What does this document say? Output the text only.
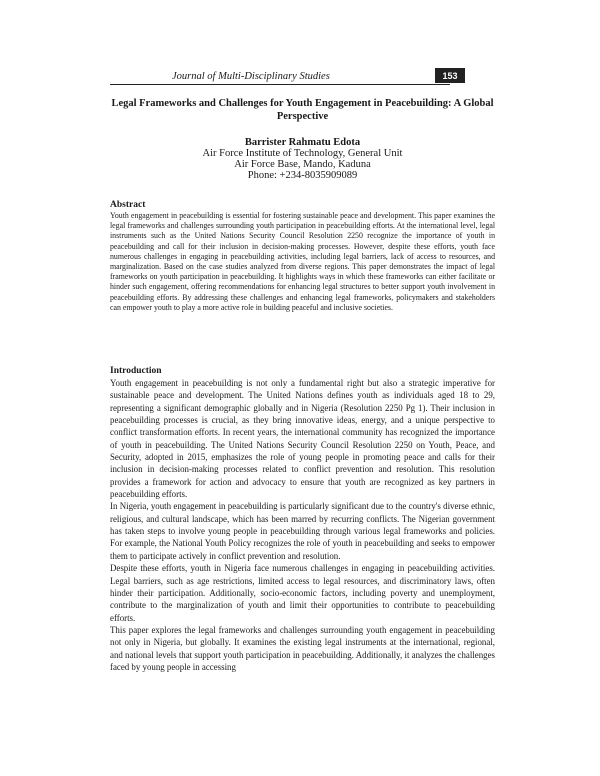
Journal of Multi-Disciplinary Studies	153
Legal Frameworks and Challenges for Youth Engagement in Peacebuilding: A Global Perspective
Barrister Rahmatu Edota
Air Force Institute of Technology, General Unit
Air Force Base, Mando, Kaduna
Phone: +234-8035909089
Abstract

Youth engagement in peacebuilding is essential for fostering sustainable peace and development. This paper examines the legal frameworks and challenges surrounding youth participation in peacebuilding efforts. At the international level, legal instruments such as the United Nations Security Council Resolution 2250 recognize the importance of youth in peacebuilding and call for their inclusion in decision-making processes. However, despite these efforts, youth face numerous challenges in engaging in peacebuilding activities, including legal barriers, lack of access to resources, and marginalization. Based on the case studies analyzed from diverse regions. This paper demonstrates the impact of legal frameworks on youth participation in peacebuilding. It highlights ways in which these frameworks can either facilitate or hinder such engagement, offering recommendations for enhancing legal structures to better support youth involvement in peacebuilding efforts. By addressing these challenges and enhancing legal frameworks, policymakers and stakeholders can empower youth to play a more active role in building peaceful and inclusive societies.

Introduction

Youth engagement in peacebuilding is not only a fundamental right but also a strategic imperative for sustainable peace and development. The United Nations defines youth as individuals aged 18 to 29, representing a significant demographic globally and in Nigeria (Resolution 2250 Pg 1). Their inclusion in peacebuilding processes is crucial, as they bring innovative ideas, energy, and a unique perspective to conflict transformation efforts. In recent years, the international community has recognized the importance of youth in peacebuilding. The United Nations Security Council Resolution 2250 on Youth, Peace, and Security, adopted in 2015, emphasizes the role of young people in promoting peace and calls for their inclusion in decision-making processes related to conflict prevention and resolution. This resolution provides a framework for action and advocacy to ensure that youth are recognized as key partners in peacebuilding efforts.

In Nigeria, youth engagement in peacebuilding is particularly significant due to the country's diverse ethnic, religious, and cultural landscape, which has been marred by recurring conflicts. The Nigerian government has taken steps to involve young people in peacebuilding through various legal frameworks and policies. For example, the National Youth Policy recognizes the role of youth in peacebuilding and seeks to empower them to participate actively in conflict prevention and resolution.

Despite these efforts, youth in Nigeria face numerous challenges in engaging in peacebuilding activities. Legal barriers, such as age restrictions, limited access to legal resources, and discriminatory laws, often hinder their participation. Additionally, socio-economic factors, including poverty and unemployment, contribute to the marginalization of youth and limit their opportunities to contribute to peacebuilding efforts.

This paper explores the legal frameworks and challenges surrounding youth engagement in peacebuilding not only in Nigeria, but globally. It examines the existing legal instruments at the international, regional, and national levels that support youth participation in peacebuilding. Additionally, it analyzes the challenges faced by young people in accessing
